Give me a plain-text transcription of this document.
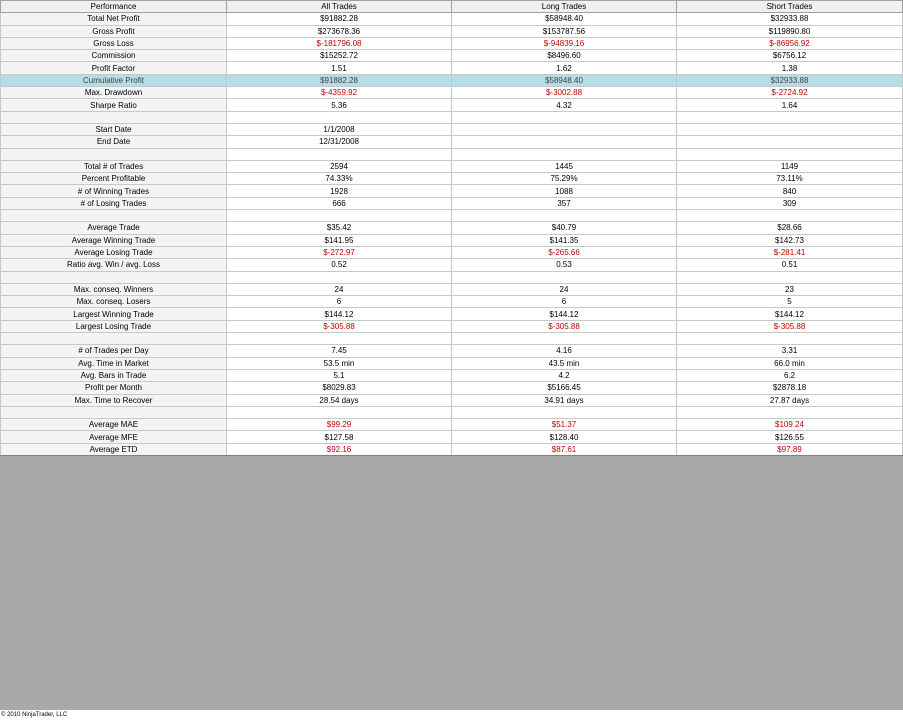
Performance	All Trades	Long Trades	Short Trades
Total Net Profit	$91882.28	$58948.40	$32933.88
Gross Profit	$273678.36	$153787.56	$119890.80
Gross Loss	$-181796.08	$-94839.16	$-86956.92
Commission	$15252.72	$8496.60	$6756.12
Profit Factor	1.51	1.62	1.38
Cumulative Profit	$91882.28	$58948.40	$32933.88
Max. Drawdown	$-4359.92	$-3002.88	$-2724.92
Sharpe Ratio	5.36	4.32	1.64

Start Date	1/1/2008		
End Date	12/31/2008		

Total # of Trades	2594	1445	1149
Percent Profitable	74.33%	75.29%	73.11%
# of Winning Trades	1928	1088	840
# of Losing Trades	666	357	309

Average Trade	$35.42	$40.79	$28.66
Average Winning Trade	$141.95	$141.35	$142.73
Average Losing Trade	$-272.97	$-265.66	$-281.41
Ratio avg. Win / avg. Loss	0.52	0.53	0.51

Max. conseq. Winners	24	24	23
Max. conseq. Losers	6	6	5
Largest Winning Trade	$144.12	$144.12	$144.12
Largest Losing Trade	$-305.88	$-305.88	$-305.88

# of Trades per Day	7.45	4.16	3.31
Avg. Time in Market	53.5 min	43.5 min	66.0 min
Avg. Bars in Trade	5.1	4.2	6.2
Profit per Month	$8029.83	$5166.45	$2878.18
Max. Time to Recover	28.54 days	34.91 days	27.87 days

Average MAE	$99.29	$51.37	$109.24
Average MFE	$127.58	$128.40	$126.55
Average ETD	$92.16	$87.61	$97.89
© 2010 NinjaTrader, LLC
